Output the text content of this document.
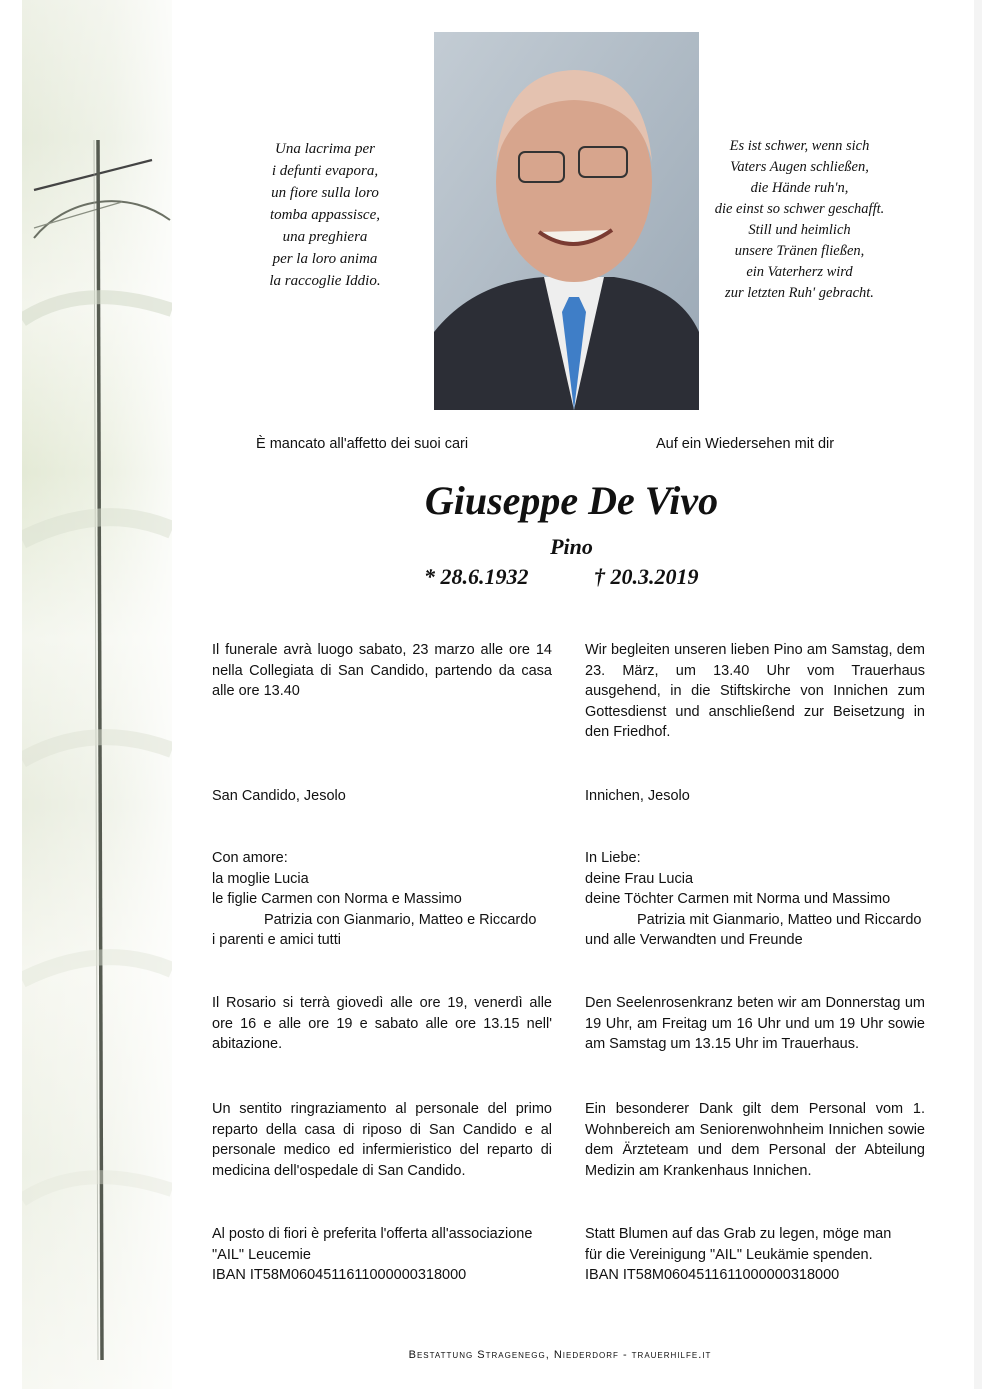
Una lacrima per
i defunti evapora,
un fiore sulla loro
tomba appassisce,
una preghiera
per la loro anima
la raccoglie Iddio.
Es ist schwer, wenn sich
Vaters Augen schließen,
die Hände ruh'n,
die einst so schwer geschafft.
Still und heimlich
unsere Tränen fließen,
ein Vaterherz wird
zur letzten Ruh' gebracht.
È mancato all'affetto dei suoi cari	Auf ein Wiedersehen mit dir
Giuseppe De Vivo
Pino
* 28.6.1932	† 20.3.2019
Il funerale avrà luogo sabato, 23 marzo alle ore 14 nella Collegiata di San Candido, partendo da casa alle ore 13.40
Wir begleiten unseren lieben Pino am Samstag, dem 23. März, um 13.40 Uhr vom Trauerhaus ausgehend, in die Stiftskirche von Innichen zum Gottesdienst und anschließend zur Beisetzung in den Friedhof.
San Candido, Jesolo	Innichen, Jesolo
Con amore:
la moglie Lucia
le figlie Carmen con Norma e Massimo
Patrizia con Gianmario, Matteo e Riccardo
i parenti e amici tutti
In Liebe:
deine Frau Lucia
deine Töchter Carmen mit Norma und Massimo
Patrizia mit Gianmario, Matteo und Riccardo
und alle Verwandten und Freunde
Il Rosario si terrà giovedì alle ore 19, venerdì alle ore 16 e alle ore 19 e sabato alle ore 13.15 nell' abitazione.
Den Seelenrosenkranz beten wir am Donnerstag um 19 Uhr, am Freitag um 16 Uhr und um 19 Uhr sowie am Samstag um 13.15 Uhr im Trauerhaus.
Un sentito ringraziamento al personale del primo reparto della casa di riposo di San Candido e al personale medico ed infermieristico del reparto di medicina dell'ospedale di San Candido.
Ein besonderer Dank gilt dem Personal vom 1. Wohnbereich am Seniorenwohnheim Innichen sowie dem Ärzteteam und dem Personal der Abteilung Medizin am Krankenhaus Innichen.
Al posto di fiori è preferita l'offerta all'associazione
"AIL" Leucemie
IBAN IT58M0604511611000000318000
Statt Blumen auf das Grab zu legen, möge man
für die Vereinigung "AIL" Leukämie spenden.
IBAN IT58M0604511611000000318000
Bestattung Stragenegg, Niederdorf - trauerhilfe.it
